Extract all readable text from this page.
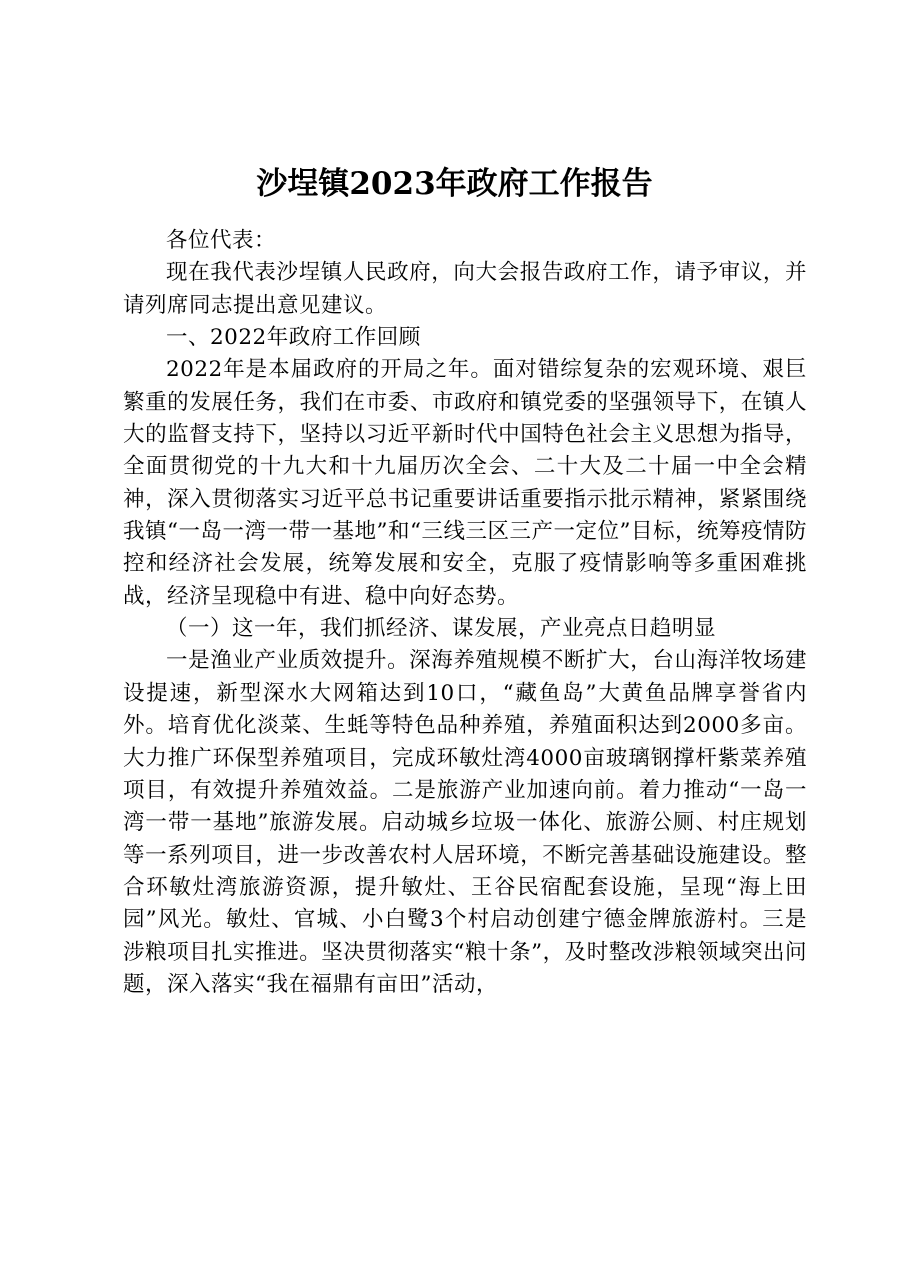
沙埕镇2023年政府工作报告

各位代表：

现在我代表沙埕镇人民政府，向大会报告政府工作，请予审议，并请列席同志提出意见建议。

一、2022年政府工作回顾

2022年是本届政府的开局之年。面对错综复杂的宏观环境、艰巨繁重的发展任务，我们在市委、市政府和镇党委的坚强领导下，在镇人大的监督支持下，坚持以习近平新时代中国特色社会主义思想为指导，全面贯彻党的十九大和十九届历次全会、二十大及二十届一中全会精神，深入贯彻落实习近平总书记重要讲话重要指示批示精神，紧紧围绕我镇“一岛一湾一带一基地”和“三线三区三产一定位”目标，统筹疫情防控和经济社会发展，统筹发展和安全，克服了疫情影响等多重困难挑战，经济呈现稳中有进、稳中向好态势。

（一）这一年，我们抓经济、谋发展，产业亮点日趋明显

一是渔业产业质效提升。深海养殖规模不断扩大，台山海洋牧场建设提速，新型深水大网箱达到10口，“藏鱼岛”大黄鱼品牌享誉省内外。培育优化淡菜、生蚝等特色品种养殖，养殖面积达到2000多亩。大力推广环保型养殖项目，完成环敏灶湾4000亩玻璃钢撑杆紫菜养殖项目，有效提升养殖效益。二是旅游产业加速向前。着力推动“一岛一湾一带一基地”旅游发展。启动城乡垃圾一体化、旅游公厕、村庄规划等一系列项目，进一步改善农村人居环境，不断完善基础设施建设。整合环敏灶湾旅游资源，提升敏灶、王谷民宿配套设施，呈现“海上田园”风光。敏灶、官城、小白鹭3个村启动创建宁德金牌旅游村。三是涉粮项目扎实推进。坚决贯彻落实“粮十条”，及时整改涉粮领域突出问题，深入落实“我在福鼎有亩田”活动，
